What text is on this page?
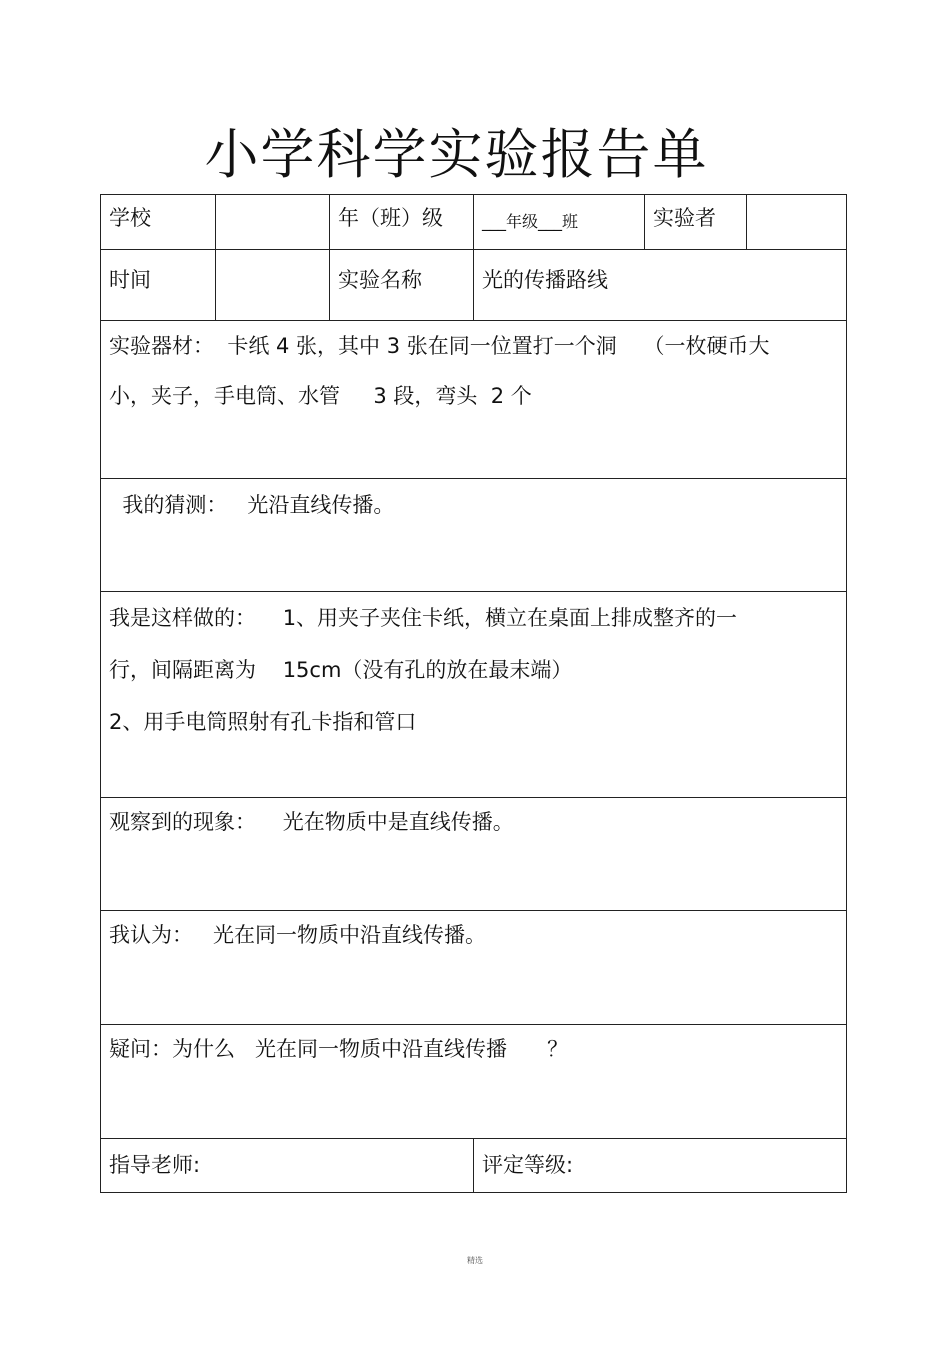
小学科学实验报告单
学校		年（班）级	___年级___班	实验者	

时间		实验名称	光的传播路线		

实验器材：  卡纸 4 张，其中 3 张在同一位置打一个洞    （一枚硬币大

小，夹子，手电筒、水管     3 段，弯头  2 个					

我的猜测：   光沿直线传播。					

我是这样做的：    1、用夹子夹住卡纸，横立在桌面上排成整齐的一

行，间隔距离为    15cm（没有孔的放在最末端）

2、用手电筒照射有孔卡指和管口					

观察到的现象：    光在物质中是直线传播。					

我认为：   光在同一物质中沿直线传播。					

疑问：为什么   光在同一物质中沿直线传播      ？					

指导老师:			评定等级:		
精选
